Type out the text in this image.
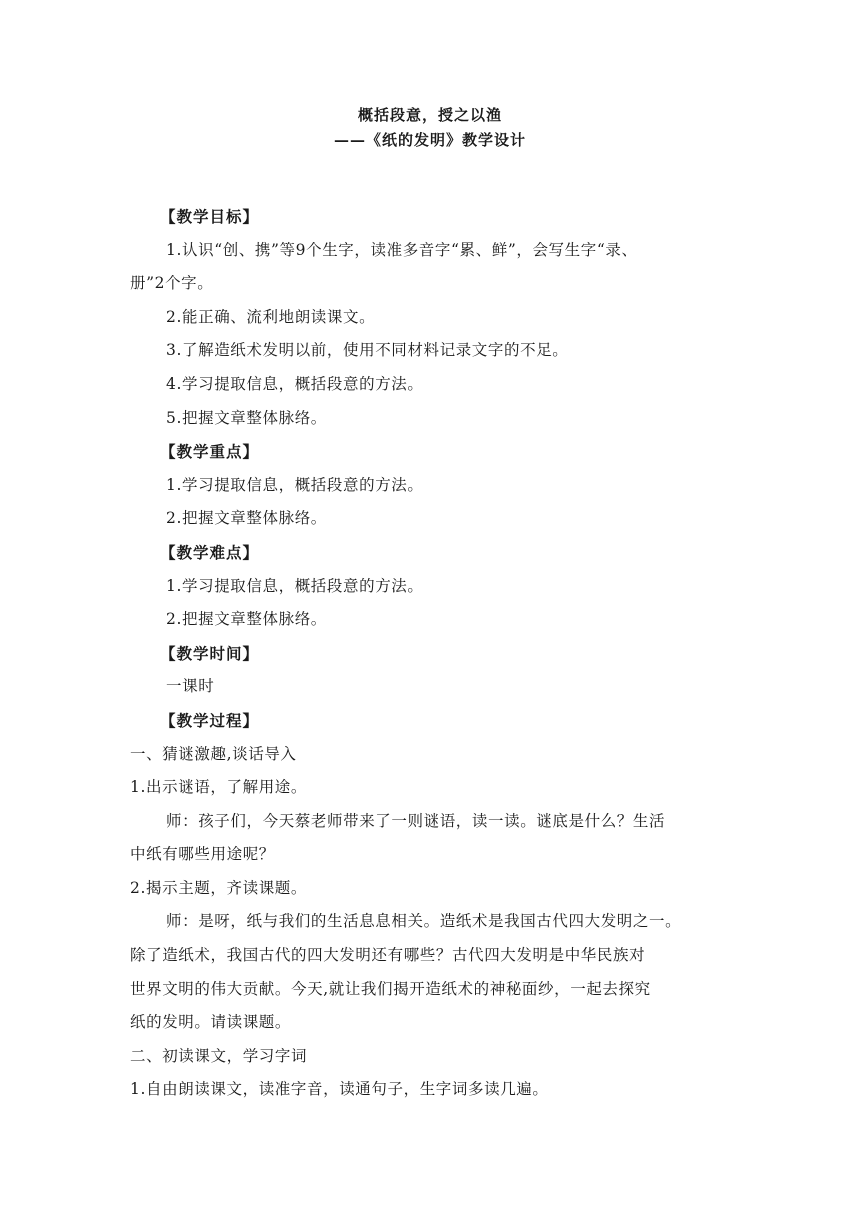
概括段意，授之以渔
——《纸的发明》教学设计
【教学目标】
1.认识“创、携”等9个生字，读准多音字“累、鲜”，会写生字“录、
册”2个字。
2.能正确、流利地朗读课文。
3.了解造纸术发明以前，使用不同材料记录文字的不足。
4.学习提取信息，概括段意的方法。
5.把握文章整体脉络。
【教学重点】
1.学习提取信息，概括段意的方法。
2.把握文章整体脉络。
【教学难点】
1.学习提取信息，概括段意的方法。
2.把握文章整体脉络。
【教学时间】
一课时
【教学过程】
一、猜谜激趣,谈话导入
1.出示谜语，了解用途。
师：孩子们，今天蔡老师带来了一则谜语，读一读。谜底是什么？生活
中纸有哪些用途呢？
2.揭示主题，齐读课题。
师：是呀，纸与我们的生活息息相关。造纸术是我国古代四大发明之一。
除了造纸术，我国古代的四大发明还有哪些？古代四大发明是中华民族对
世界文明的伟大贡献。今天,就让我们揭开造纸术的神秘面纱，一起去探究
纸的发明。请读课题。
二、初读课文，学习字词
1.自由朗读课文，读准字音，读通句子，生字词多读几遍。
